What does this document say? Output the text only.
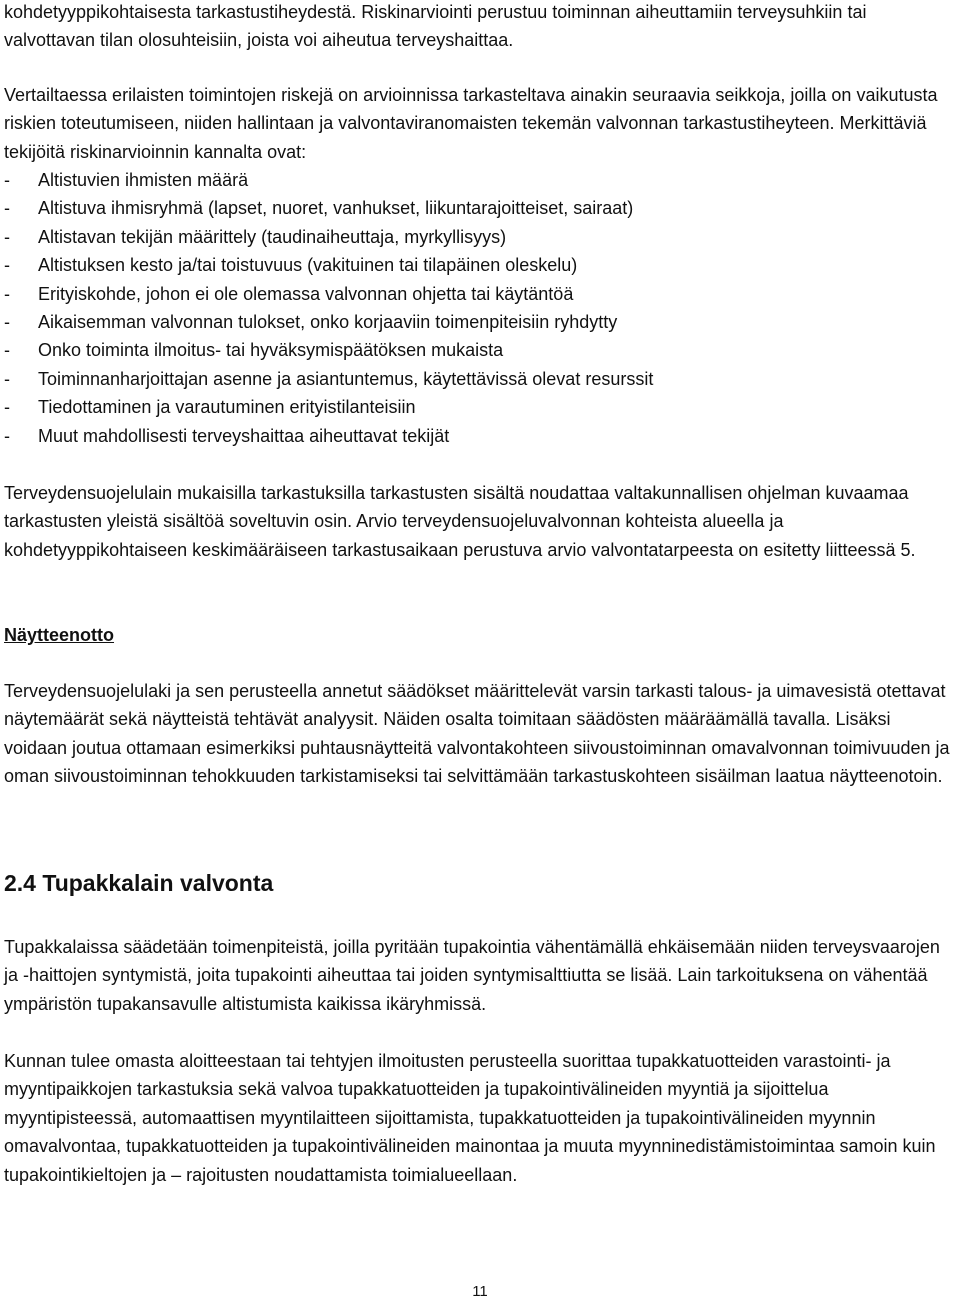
kohdetyyppikohtaisesta tarkastustiheydestä. Riskinarviointi perustuu toiminnan aiheuttamiin terveysuhkiin tai valvottavan tilan olosuhteisiin, joista voi aiheutua terveyshaittaa.

Vertailtaessa erilaisten toimintojen riskejä on arvioinnissa tarkasteltava ainakin seuraavia seikkoja, joilla on vaikutusta riskien toteutumiseen, niiden hallintaan ja valvontaviranomaisten tekemän valvonnan tarkastustiheyteen. Merkittäviä tekijöitä riskinarvioinnin kannalta ovat:

- Altistuvien ihmisten määrä
- Altistuva ihmisryhmä (lapset, nuoret, vanhukset, liikuntarajoitteiset, sairaat)
- Altistavan tekijän määrittely (taudinaiheuttaja, myrkyllisyys)
- Altistuksen kesto ja/tai toistuvuus (vakituinen tai tilapäinen oleskelu)
- Erityiskohde, johon ei ole olemassa valvonnan ohjetta tai käytäntöä
- Aikaisemman valvonnan tulokset, onko korjaaviin toimenpiteisiin ryhdytty
- Onko toiminta ilmoitus- tai hyväksymispäätöksen mukaista
- Toiminnanharjoittajan asenne ja asiantuntemus, käytettävissä olevat resurssit
- Tiedottaminen ja varautuminen erityistilanteisiin
- Muut mahdollisesti terveyshaittaa aiheuttavat tekijät

Terveydensuojelulain mukaisilla tarkastuksilla tarkastusten sisältä noudattaa valtakunnallisen ohjelman kuvaamaa tarkastusten yleistä sisältöä soveltuvin osin. Arvio terveydensuojeluvalvonnan kohteista alueella ja kohdetyyppikohtaiseen keskimääräiseen tarkastusaikaan perustuva arvio valvontatarpeesta on esitetty liitteessä 5.

Näytteenotto

Terveydensuojelulaki ja sen perusteella annetut säädökset määrittelevät varsin tarkasti talous- ja uimavesistä otettavat näytemäärät sekä näytteistä tehtävät analyysit. Näiden osalta toimitaan säädösten määräämällä tavalla. Lisäksi voidaan joutua ottamaan esimerkiksi puhtausnäytteitä valvontakohteen siivoustoiminnan omavalvonnan toimivuuden ja oman siivoustoiminnan tehokkuuden tarkistamiseksi tai selvittämään tarkastuskohteen sisäilman laatua näytteenotoin.

2.4 Tupakkalain valvonta

Tupakkalaissa säädetään toimenpiteistä, joilla pyritään tupakointia vähentämällä ehkäisemään niiden terveysvaarojen ja -haittojen syntymistä, joita tupakointi aiheuttaa tai joiden syntymisalttiutta se lisää. Lain tarkoituksena on vähentää ympäristön tupakansavulle altistumista kaikissa ikäryhmissä.

Kunnan tulee omasta aloitteestaan tai tehtyjen ilmoitusten perusteella suorittaa tupakkatuotteiden varastointi- ja myyntipaikkojen tarkastuksia sekä valvoa tupakkatuotteiden ja tupakointivälineiden myyntiä ja sijoittelua myyntipisteessä, automaattisen myyntilaitteen sijoittamista, tupakkatuotteiden ja tupakointivälineiden myynnin omavalvontaa, tupakkatuotteiden ja tupakointivälineiden mainontaa ja muuta myynninedistämistoimintaa samoin kuin tupakointikieltojen ja – rajoitusten noudattamista toimialueellaan.

11
